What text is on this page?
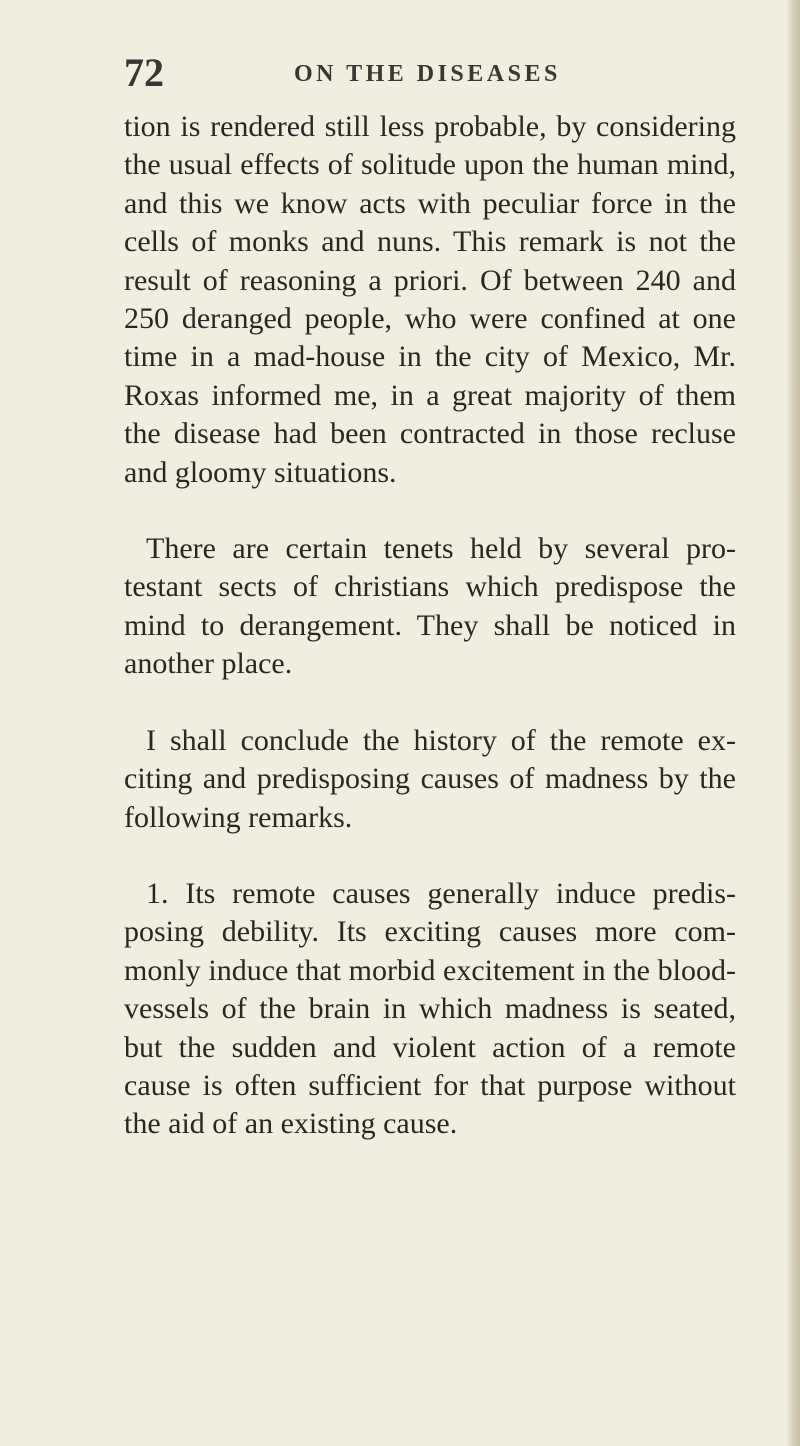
72	ON THE DISEASES

tion is rendered still less probable, by considering the usual effects of solitude upon the human mind, and this we know acts with peculiar force in the cells of monks and nuns. This remark is not the result of reasoning a priori. Of between 240 and 250 deranged people, who were confined at one time in a mad-house in the city of Mexico, Mr. Roxas informed me, in a great majority of them the disease had been contracted in those recluse and gloomy situations.

There are certain tenets held by several protestant sects of christians which predispose the mind to derangement. They shall be noticed in another place.

I shall conclude the history of the remote exciting and predisposing causes of madness by the following remarks.

1. Its remote causes generally induce predisposing debility. Its exciting causes more commonly induce that morbid excitement in the blood-vessels of the brain in which madness is seated, but the sudden and violent action of a remote cause is often sufficient for that purpose without the aid of an existing cause.
